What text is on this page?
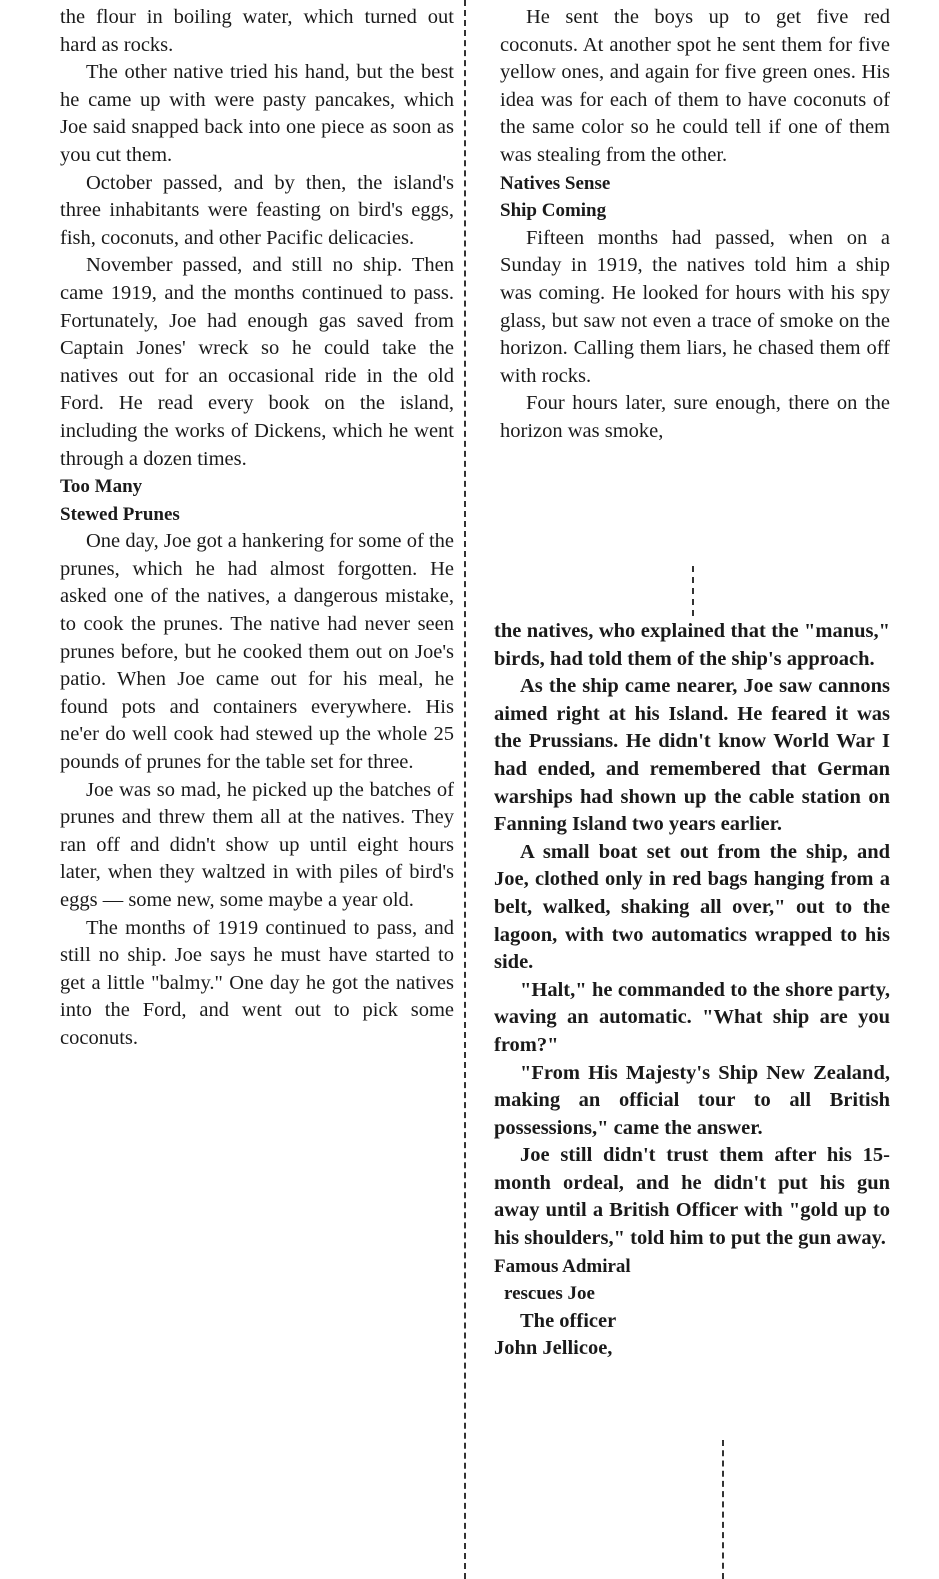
the flour in boiling water, which turned out hard as rocks.

The other native tried his hand, but the best he came up with were pasty pancakes, which Joe said snapped back into one piece as soon as you cut them.

October passed, and by then, the island's three inhabitants were feasting on bird's eggs, fish, coconuts, and other Pacific delicacies.

November passed, and still no ship. Then came 1919, and the months continued to pass. Fortunately, Joe had enough gas saved from Captain Jones' wreck so he could take the natives out for an occasional ride in the old Ford. He read every book on the island, including the works of Dickens, which he went through a dozen times.

Too Many
Stewed Prunes

One day, Joe got a hankering for some of the prunes, which he had almost forgotten. He asked one of the natives, a dangerous mistake, to cook the prunes. The native had never seen prunes before, but he cooked them out on Joe's patio. When Joe came out for his meal, he found pots and containers everywhere. His ne'er do well cook had stewed up the whole 25 pounds of prunes for the table set for three.

Joe was so mad, he picked up the batches of prunes and threw them all at the natives. They ran off and didn't show up until eight hours later, when they waltzed in with piles of bird's eggs — some new, some maybe a year old.

The months of 1919 continued to pass, and still no ship. Joe says he must have started to get a little "balmy." One day he got the natives into the Ford, and went out to pick some coconuts.

He sent the boys up to get five red coconuts. At another spot he sent them for five yellow ones, and again for five green ones. His idea was for each of them to have coconuts of the same color so he could tell if one of them was stealing from the other.

Natives Sense
Ship Coming

Fifteen months had passed, when on a Sunday in 1919, the natives told him a ship was coming. He looked for hours with his spy glass, but saw not even a trace of smoke on the horizon. Calling them liars, he chased them off with rocks.

Four hours later, sure enough, there on the horizon was smoke,

the natives, who explained that the "manus," birds, had told them of the ship's approach.

As the ship came nearer, Joe saw cannons aimed right at his Island. He feared it was the Prussians. He didn't know World War I had ended, and remembered that German warships had shown up the cable station on Fanning Island two years earlier.

A small boat set out from the ship, and Joe, clothed only in red bags hanging from a belt, walked, shaking all over," out to the lagoon, with two automatics wrapped to his side.

"Halt," he commanded to the shore party, waving an automatic. "What ship are you from?"

"From His Majesty's Ship New Zealand, making an official tour to all British possessions," came the answer.

Joe still didn't trust them after his 15-month ordeal, and he didn't put his gun away until a British Officer with "gold up to his shoulders," told him to put the gun away.

Famous Admiral
rescues Joe

The officer

John Jellicoe,
